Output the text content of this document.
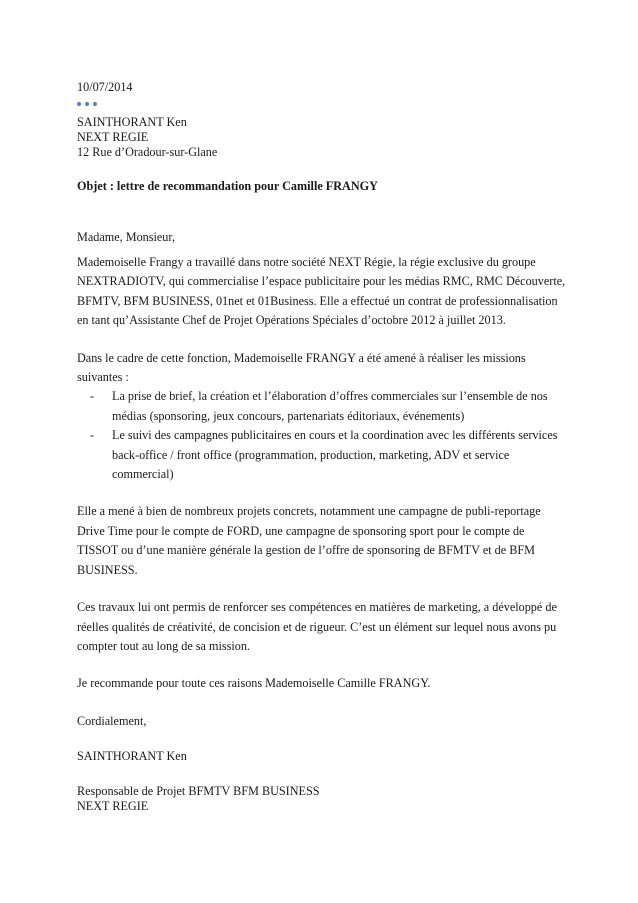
10/07/2014
SAINTHORANT Ken
NEXT REGIE
12 Rue d’Oradour-sur-Glane
Objet : lettre de recommandation pour Camille FRANGY
Madame, Monsieur,

Mademoiselle Frangy a travaillé dans notre société NEXT Régie, la régie exclusive du groupe NEXTRADIOTV, qui commercialise l’espace publicitaire pour les médias RMC, RMC Découverte, BFMTV, BFM BUSINESS, 01net et 01Business. Elle a effectué un contrat de professionnalisation en tant qu’Assistante Chef de Projet Opérations Spéciales d’octobre 2012 à juillet 2013.

Dans le cadre de cette fonction, Mademoiselle FRANGY a été amené à réaliser les missions suivantes :

- La prise de brief, la création et l’élaboration d’offres commerciales sur l’ensemble de nos médias (sponsoring, jeux concours, partenariats éditoriaux, événements)
- Le suivi des campagnes publicitaires en cours et la coordination avec les différents services back-office / front office (programmation, production, marketing, ADV et service commercial)

Elle a mené à bien de nombreux projets concrets, notamment une campagne de publi-reportage Drive Time pour le compte de FORD, une campagne de sponsoring sport pour le compte de TISSOT ou d’une manière générale la gestion de l’offre de sponsoring de BFMTV et de BFM BUSINESS.

Ces travaux lui ont permis de renforcer ses compétences en matières de marketing, a développé de réelles qualités de créativité, de concision et de rigueur. C’est un élément sur lequel nous avons pu compter tout au long de sa mission.

Je recommande pour toute ces raisons Mademoiselle Camille FRANGY.

Cordialement,

SAINTHORANT Ken
Responsable de Projet BFMTV BFM BUSINESS
NEXT REGIE
